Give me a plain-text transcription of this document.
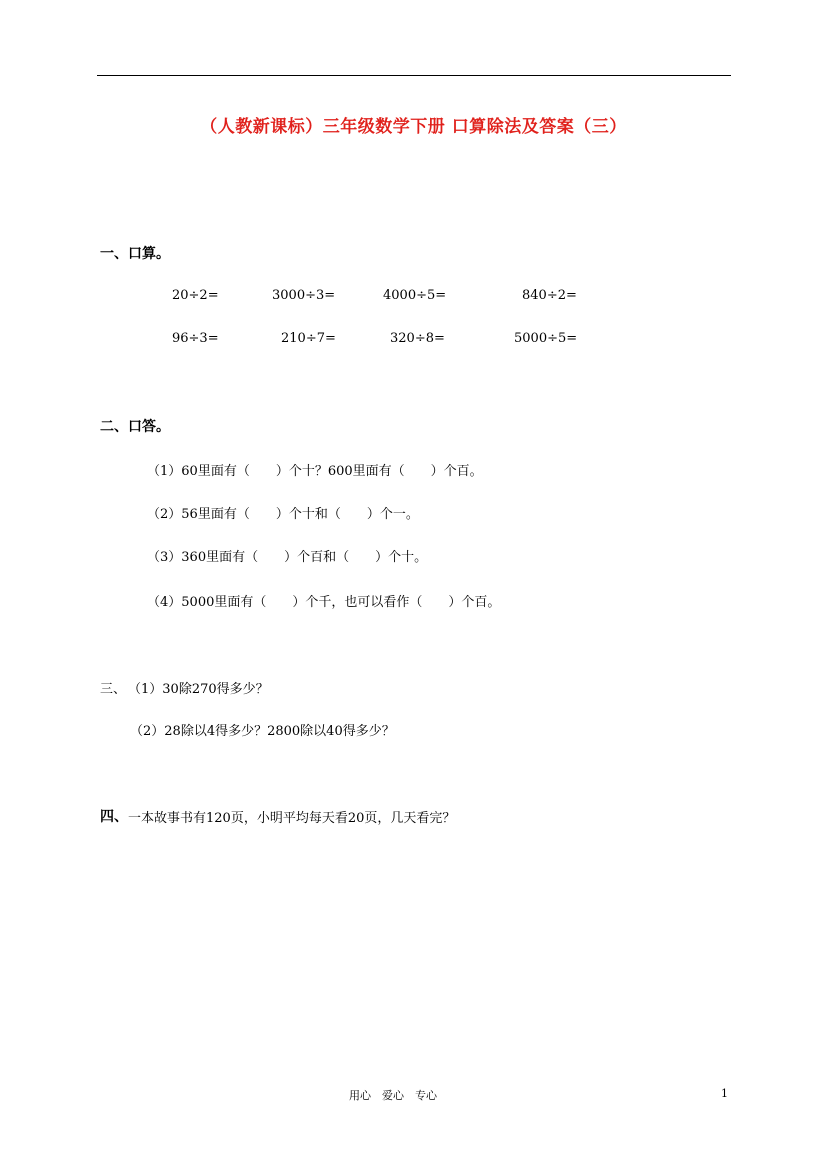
（人教新课标）三年级数学下册 口算除法及答案（三）
一、口算。
20÷2=	3000÷3=	4000÷5=	840÷2=
96÷3=	210÷7=	320÷8=	5000÷5=
二、口答。
（1）60里面有（　　）个十？600里面有（　　）个百。
（2）56里面有（　　）个十和（　　）个一。
（3）360里面有（　　）个百和（　　）个十。
（4）5000里面有（　　）个千，也可以看作（　　）个百。
三、 （1）30除270得多少？
（2）28除以4得多少？2800除以40得多少？
四、 一本故事书有120页，小明平均每天看20页，几天看完？
用心　爱心　专心	1
